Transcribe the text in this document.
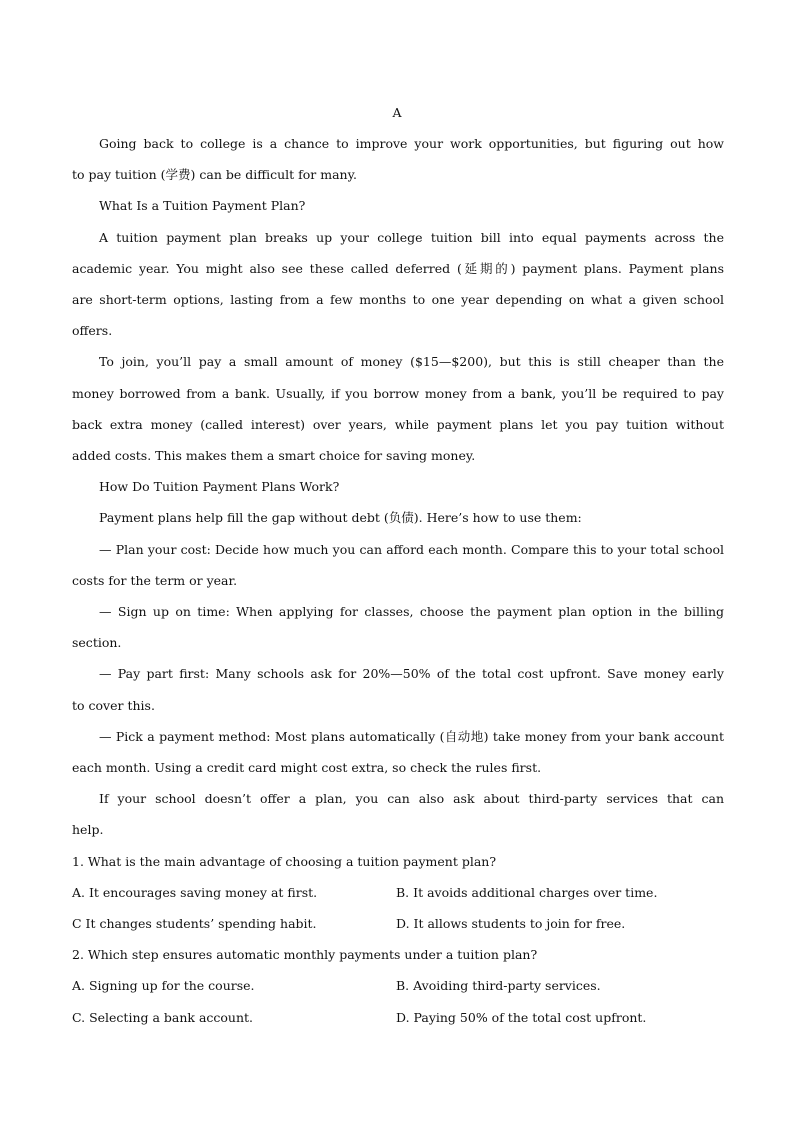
A
Going back to college is a chance to improve your work opportunities, but figuring out how
to pay tuition (学费) can be difficult for many.
What Is a Tuition Payment Plan?
A tuition payment plan breaks up your college tuition bill into equal payments across the
academic year. You might also see these called deferred (延期的) payment plans. Payment plans
are short-term options, lasting from a few months to one year depending on what a given school
offers.
To join, you’ll pay a small amount of money ($15—$200), but this is still cheaper than the
money borrowed from a bank. Usually, if you borrow money from a bank, you’ll be required to pay
back extra money (called interest) over years, while payment plans let you pay tuition without
added costs. This makes them a smart choice for saving money.
How Do Tuition Payment Plans Work?
Payment plans help fill the gap without debt (负债). Here’s how to use them:
— Plan your cost: Decide how much you can afford each month. Compare this to your total school
costs for the term or year.
— Sign up on time: When applying for classes, choose the payment plan option in the billing
section.
— Pay part first: Many schools ask for 20%—50% of the total cost upfront. Save money early
to cover this.
— Pick a payment method: Most plans automatically (自动地) take money from your bank account
each month. Using a credit card might cost extra, so check the rules first.
If your school doesn’t offer a plan, you can also ask about third-party services that can
help.
1. What is the main advantage of choosing a tuition payment plan?
A. It encourages saving money at first.	B. It avoids additional charges over time.
C It changes students’ spending habit.	D. It allows students to join for free.
2. Which step ensures automatic monthly payments under a tuition plan?
A. Signing up for the course.	B. Avoiding third-party services.
C. Selecting a bank account.	D. Paying 50% of the total cost upfront.
